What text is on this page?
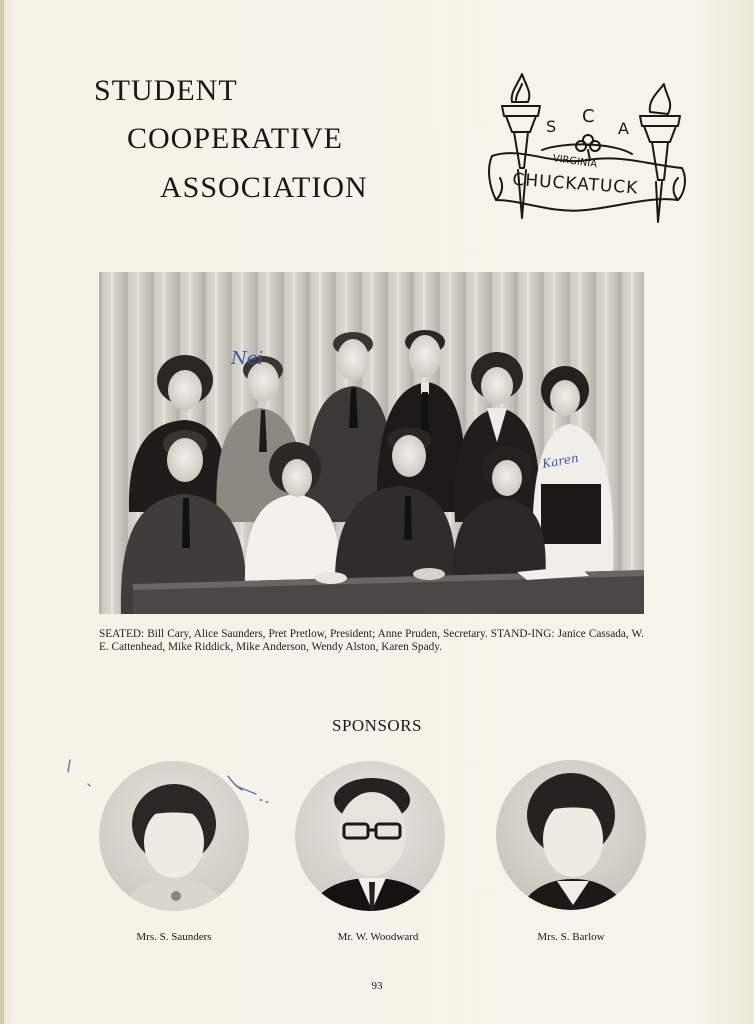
STUDENT
COOPERATIVE
ASSOCIATION
S C
A
VIRGINIA
CHUCKATUCK
Nei
Karen

SEATED: Bill Cary, Alice Saunders, Pret Pretlow, President; Anne Pruden, Secretary. STAND-ING: Janice Cassada, W. E. Cattenhead, Mike Riddick, Mike Anderson, Wendy Alston, Karen Spady.

SPONSORS

Mrs. S. Saunders	Mr. W. Woodward	Mrs. S. Barlow

93
